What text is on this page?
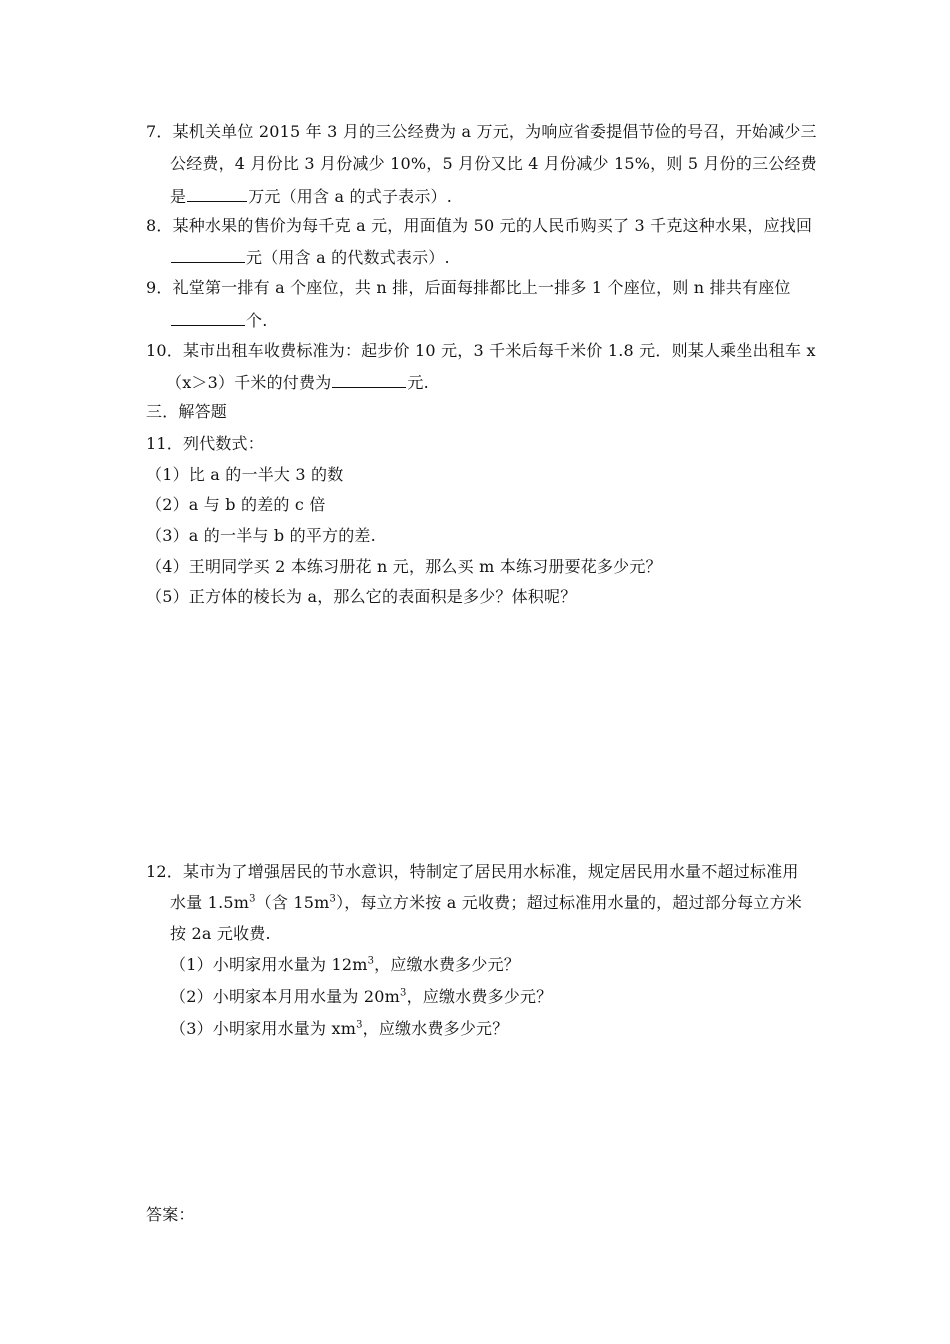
7．某机关单位 2015 年 3 月的三公经费为 a 万元，为响应省委提倡节俭的号召，开始减少三
公经费，4 月份比 3 月份减少 10%，5 月份又比 4 月份减少 15%，则 5 月份的三公经费
是	万元（用含 a 的式子表示）.
8．某种水果的售价为每千克 a 元，用面值为 50 元的人民币购买了 3 千克这种水果，应找回
元（用含 a 的代数式表示）.
9．礼堂第一排有 a 个座位，共 n 排，后面每排都比上一排多 1 个座位，则 n 排共有座位
个.
10．某市出租车收费标准为：起步价 10 元，3 千米后每千米价 1.8 元．则某人乘坐出租车 x
（x＞3）千米的付费为	元.
三．解答题
11．列代数式：
（1）比 a 的一半大 3 的数
（2）a 与 b 的差的 c 倍
（3）a 的一半与 b 的平方的差.
（4）王明同学买 2 本练习册花 n 元，那么买 m 本练习册要花多少元？
（5）正方体的棱长为 a，那么它的表面积是多少？体积呢？
12．某市为了增强居民的节水意识，特制定了居民用水标准，规定居民用水量不超过标准用
水量 $1.5m^3$（含 $15m^3$），每立方米按 a 元收费；超过标准用水量的，超过部分每立方米
按 2a 元收费.
（1）小明家用水量为 $12m^3$，应缴水费多少元？
（2）小明家本月用水量为 $20m^3$，应缴水费多少元？
（3）小明家用水量为 $xm^3$，应缴水费多少元？
答案：
